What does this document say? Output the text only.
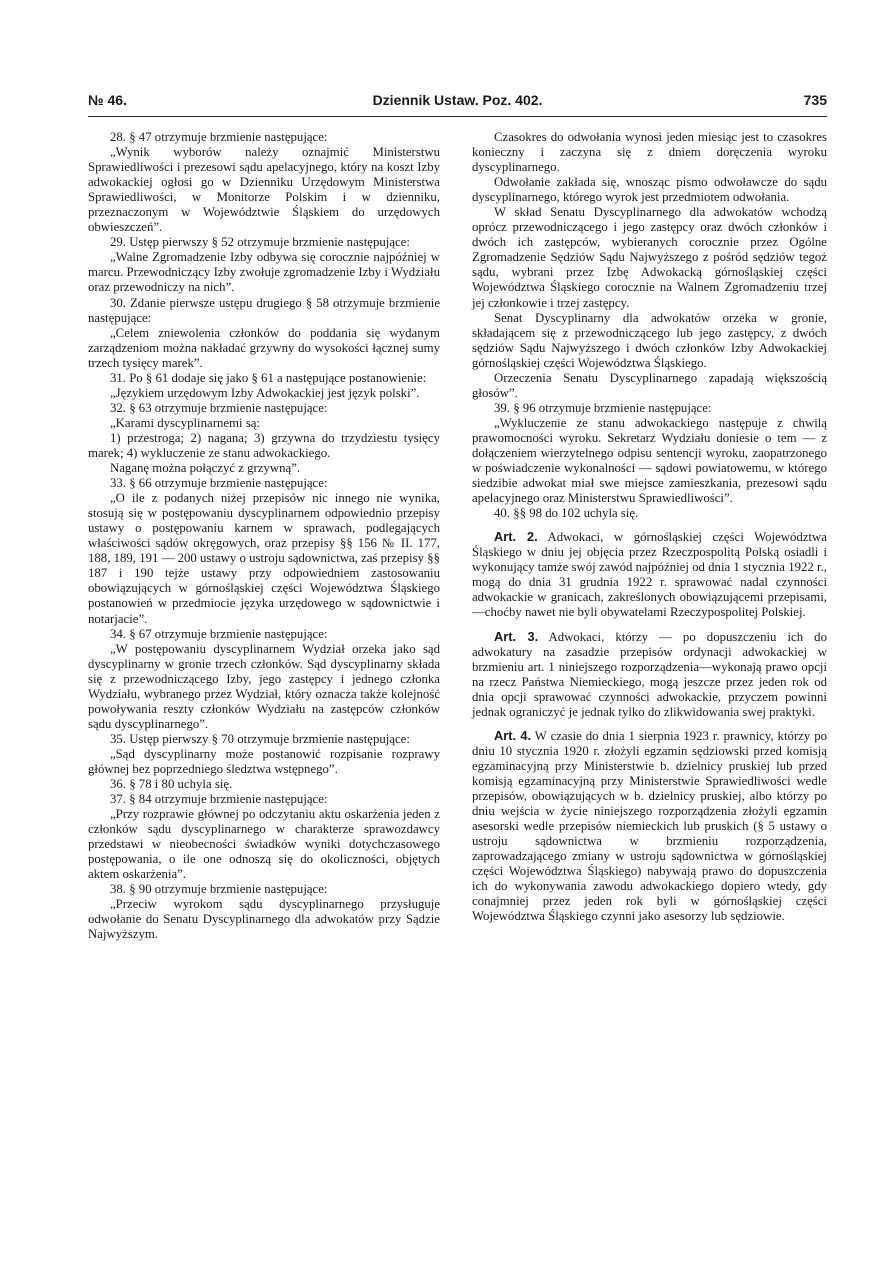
№ 46.	Dziennik Ustaw. Poz. 402.	735

28. § 47 otrzymuje brzmienie następujące:

„Wynik wyborów należy oznajmić Ministerstwu Sprawiedliwości i prezesowi sądu apelacyjnego, który na koszt Izby adwokackiej ogłosi go w Dzienniku Urzędowym Ministerstwa Sprawiedliwości, w Monitorze Polskim i w dzienniku, przeznaczonym w Województwie Śląskiem do urzędowych obwieszczeń”.

29. Ustęp pierwszy § 52 otrzymuje brzmienie następujące:

„Walne Zgromadzenie Izby odbywa się corocznie najpóźniej w marcu. Przewodniczący Izby zwołuje zgromadzenie Izby i Wydziału oraz przewodniczy na nich”.

30. Zdanie pierwsze ustępu drugiego § 58 otrzymuje brzmienie następujące:

„Celem zniewolenia członków do poddania się wydanym zarządzeniom można nakładać grzywny do wysokości łącznej sumy trzech tysięcy marek”.

31. Po § 61 dodaje się jako § 61 a następujące postanowienie:

„Językiem urzędowym Izby Adwokackiej jest język polski”.

32. § 63 otrzymuje brzmienie następujące:

„Karami dyscyplinarnemi są:

1) przestroga; 2) nagana; 3) grzywna do trzydziestu tysięcy marek; 4) wykluczenie ze stanu adwokackiego.

Naganę można połączyć z grzywną”.

33. § 66 otrzymuje brzmienie następujące:

„O ile z podanych niżej przepisów nic innego nie wynika, stosują się w postępowaniu dyscyplinarnem odpowiednio przepisy ustawy o postępowaniu karnem w sprawach, podlegających właściwości sądów okręgowych, oraz przepisy §§ 156 № II. 177, 188, 189, 191 — 200 ustawy o ustroju sądownictwa, zaś przepisy §§ 187 i 190 tejże ustawy przy odpowiedniem zastosowaniu obowiązujących w górnośląskiej części Województwa Śląskiego postanowień w przedmiocie języka urzędowego w sądownictwie i notarjacie”.

34. § 67 otrzymuje brzmienie następujące:

„W postępowaniu dyscyplinarnem Wydział orzeka jako sąd dyscyplinarny w gronie trzech członków. Sąd dyscyplinarny składa się z przewodniczącego Izby, jego zastępcy i jednego członka Wydziału, wybranego przez Wydział, który oznacza także kolejność powoływania reszty członków Wydziału na zastępców członków sądu dyscyplinarnego”.

35. Ustęp pierwszy § 70 otrzymuje brzmienie następujące:

„Sąd dyscyplinarny może postanowić rozpisanie rozprawy głównej bez poprzedniego śledztwa wstępnego”.

36. § 78 i 80 uchyla się.

37. § 84 otrzymuje brzmienie następujące:

„Przy rozprawie głównej po odczytaniu aktu oskarżenia jeden z członków sądu dyscyplinarnego w charakterze sprawozdawcy przedstawi w nieobecności świadków wyniki dotychczasowego postępowania, o ile one odnoszą się do okoliczności, objętych aktem oskarżenia”.

38. § 90 otrzymuje brzmienie następujące:

„Przeciw wyrokom sądu dyscyplinarnego przysługuje odwołanie do Senatu Dyscyplinarnego dla adwokatów przy Sądzie Najwyższym.

Czasokres do odwołania wynosi jeden miesiąc jest to czasokres konieczny i zaczyna się z dniem doręczenia wyroku dyscyplinarnego.

Odwołanie zakłada się, wnosząc pismo odwoławcze do sądu dyscyplinarnego, którego wyrok jest przedmiotem odwołania.

W skład Senatu Dyscyplinarnego dla adwokatów wchodzą oprócz przewodniczącego i jego zastępcy oraz dwóch członków i dwóch ich zastępców, wybieranych corocznie przez Ogólne Zgromadzenie Sędziów Sądu Najwyższego z pośród sędziów tegoż sądu, wybrani przez Izbę Adwokacką górnośląskiej części Województwa Śląskiego corocznie na Walnem Zgromadzeniu trzej jej członkowie i trzej zastępcy.

Senat Dyscyplinarny dla adwokatów orzeka w gronie, składającem się z przewodniczącego lub jego zastępcy, z dwóch sędziów Sądu Najwyższego i dwóch członków Izby Adwokackiej górnośląskiej części Województwa Śląskiego.

Orzeczenia Senatu Dyscyplinarnego zapadają większością głosów”.

39. § 96 otrzymuje brzmienie następujące:

„Wykluczenie ze stanu adwokackiego następuje z chwilą prawomocności wyroku. Sekretarz Wydziału doniesie o tem — z dołączeniem wierzytelnego odpisu sentencji wyroku, zaopatrzonego w poświadczenie wykonalności — sądowi powiatowemu, w którego siedzibie adwokat miał swe miejsce zamieszkania, prezesowi sądu apelacyjnego oraz Ministerstwu Sprawiedliwości”.

40. §§ 98 do 102 uchyla się.

Art. 2. Adwokaci, w górnośląskiej części Województwa Śląskiego w dniu jej objęcia przez Rzeczpospolitą Polską osiadli i wykonujący tamże swój zawód najpóźniej od dnia 1 stycznia 1922 r., mogą do dnia 31 grudnia 1922 r. sprawować nadal czynności adwokackie w granicach, zakreślonych obowiązującemi przepisami,—choćby nawet nie byli obywatelami Rzeczypospolitej Polskiej.

Art. 3. Adwokaci, którzy — po dopuszczeniu ich do adwokatury na zasadzie przepisów ordynacji adwokackiej w brzmieniu art. 1 niniejszego rozporządzenia—wykonają prawo opcji na rzecz Państwa Niemieckiego, mogą jeszcze przez jeden rok od dnia opcji sprawować czynności adwokackie, przyczem powinni jednak ograniczyć je jednak tylko do zlikwidowania swej praktyki.

Art. 4. W czasie do dnia 1 sierpnia 1923 r. prawnicy, którzy po dniu 10 stycznia 1920 r. złożyli egzamin sędziowski przed komisją egzaminacyjną przy Ministerstwie b. dzielnicy pruskiej lub przed komisją egzaminacyjną przy Ministerstwie Sprawiedliwości wedle przepisów, obowiązujących w b. dzielnicy pruskiej, albo którzy po dniu wejścia w życie niniejszego rozporządzenia złożyli egzamin asesorski wedle przepisów niemieckich lub pruskich (§ 5 ustawy o ustroju sądownictwa w brzmieniu rozporządzenia, zaprowadzającego zmiany w ustroju sądownictwa w górnośląskiej części Województwa Śląskiego) nabywają prawo do dopuszczenia ich do wykonywania zawodu adwokackiego dopiero wtedy, gdy conajmniej przez jeden rok byli w górnośląskiej części Województwa Śląskiego czynni jako asesorzy lub sędziowie.
